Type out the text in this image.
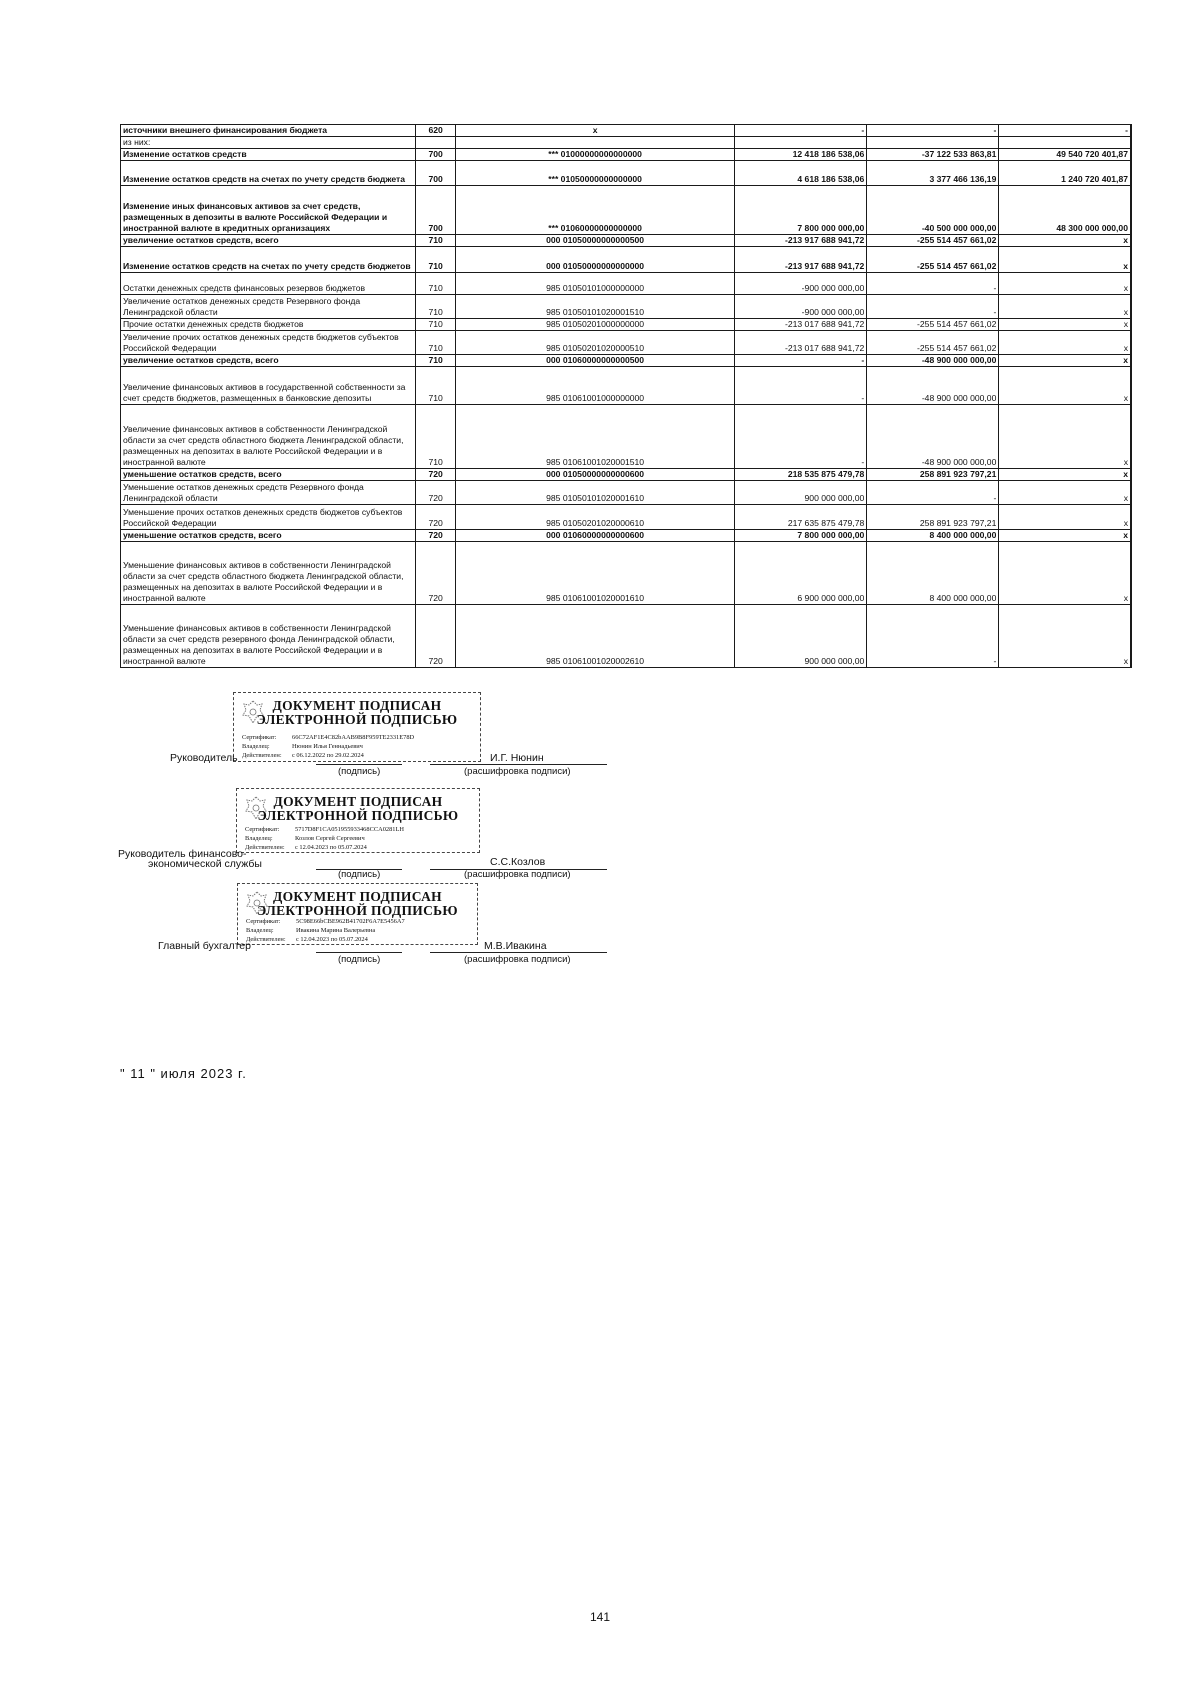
источники внешнего финансирования бюджета	620	x	-	-	-
из них:					
Изменение остатков средств	700	*** 01000000000000000	12 418 186 538,06	-37 122 533 863,81	49 540 720 401,87
Изменение остатков средств на счетах по учету средств бюджета	700	*** 01050000000000000	4 618 186 538,06	3 377 466 136,19	1 240 720 401,87
Изменение иных финансовых активов за счет средств, размещенных в депозиты в валюте Российской Федерации и иностранной валюте в кредитных организациях	700	*** 01060000000000000	7 800 000 000,00	-40 500 000 000,00	48 300 000 000,00
увеличение остатков средств, всего	710	000 01050000000000500	-213 917 688 941,72	-255 514 457 661,02	x
Изменение остатков средств на счетах по учету средств бюджетов	710	000 01050000000000000	-213 917 688 941,72	-255 514 457 661,02	x
Остатки денежных средств финансовых резервов бюджетов	710	985 01050101000000000	-900 000 000,00	-	x
Увеличение остатков денежных средств Резервного фонда Ленинградской области	710	985 01050101020001510	-900 000 000,00	-	x
Прочие остатки денежных средств бюджетов	710	985 01050201000000000	-213 017 688 941,72	-255 514 457 661,02	x
Увеличение прочих остатков денежных средств бюджетов субъектов Российской Федерации	710	985 01050201020000510	-213 017 688 941,72	-255 514 457 661,02	x
увеличение остатков средств, всего	710	000 01060000000000500	-	-48 900 000 000,00	x
Увеличение финансовых активов в государственной собственности за счет средств бюджетов, размещенных в банковские депозиты	710	985 01061001000000000	-	-48 900 000 000,00	x
Увеличение финансовых активов в собственности Ленинградской области за счет средств областного бюджета Ленинградской области, размещенных на депозитах в валюте Российской Федерации и в иностранной валюте	710	985 01061001020001510	-	-48 900 000 000,00	x
уменьшение остатков средств, всего	720	000 01050000000000600	218 535 875 479,78	258 891 923 797,21	x
Уменьшение остатков денежных средств Резервного фонда Ленинградской области	720	985 01050101020001610	900 000 000,00	-	x
Уменьшение прочих остатков денежных средств бюджетов субъектов Российской Федерации	720	985 01050201020000610	217 635 875 479,78	258 891 923 797,21	x
уменьшение остатков средств, всего	720	000 01060000000000600	7 800 000 000,00	8 400 000 000,00	x
Уменьшение финансовых активов в собственности Ленинградской области за счет средств областного бюджета Ленинградской области, размещенных на депозитах в валюте Российской Федерации и в иностранной валюте	720	985 01061001020001610	6 900 000 000,00	8 400 000 000,00	x
Уменьшение финансовых активов в собственности Ленинградской области за счет средств резервного фонда Ленинградской области, размещенных на депозитах в валюте Российской Федерации и в иностранной валюте	720	985 01061001020002610	900 000 000,00	-	x
ДОКУМЕНТ ПОДПИСАН
ЭЛЕКТРОННОЙ ПОДПИСЬЮ
Сертификат: 66C72AF1E4C82bAAB9B8F959TE2331E78D
Владелец:	Нюнин Илья Геннадьевич
Действителен: с 06.12.2022 по 29.02.2024
Руководитель
(подпись)
И.Г. Нюнин
(расшифровка подписи)
ДОКУМЕНТ ПОДПИСАН
ЭЛЕКТРОННОЙ ПОДПИСЬЮ
Сертификат: 5717D8F1CA051955933468CCA0281LH
Владелец:	Козлов Сергей Сергеевич
Действителен: с 12.04.2023 по 05.07.2024
Руководитель финансово-
экономической службы
(подпись)
С.С.Козлов
(расшифровка подписи)
ДОКУМЕНТ ПОДПИСАН
ЭЛЕКТРОННОЙ ПОДПИСЬЮ
Сертификат: 5C98E66bCBE962B41702F6A7E5456A7
Владелец:	Ивакина Марина Валерьевна
Действителен: с 12.04.2023 по 05.07.2024
Главный бухгалтер
(подпись)
М.В.Ивакина
(расшифровка подписи)
" 11 " июля 2023 г.
141
